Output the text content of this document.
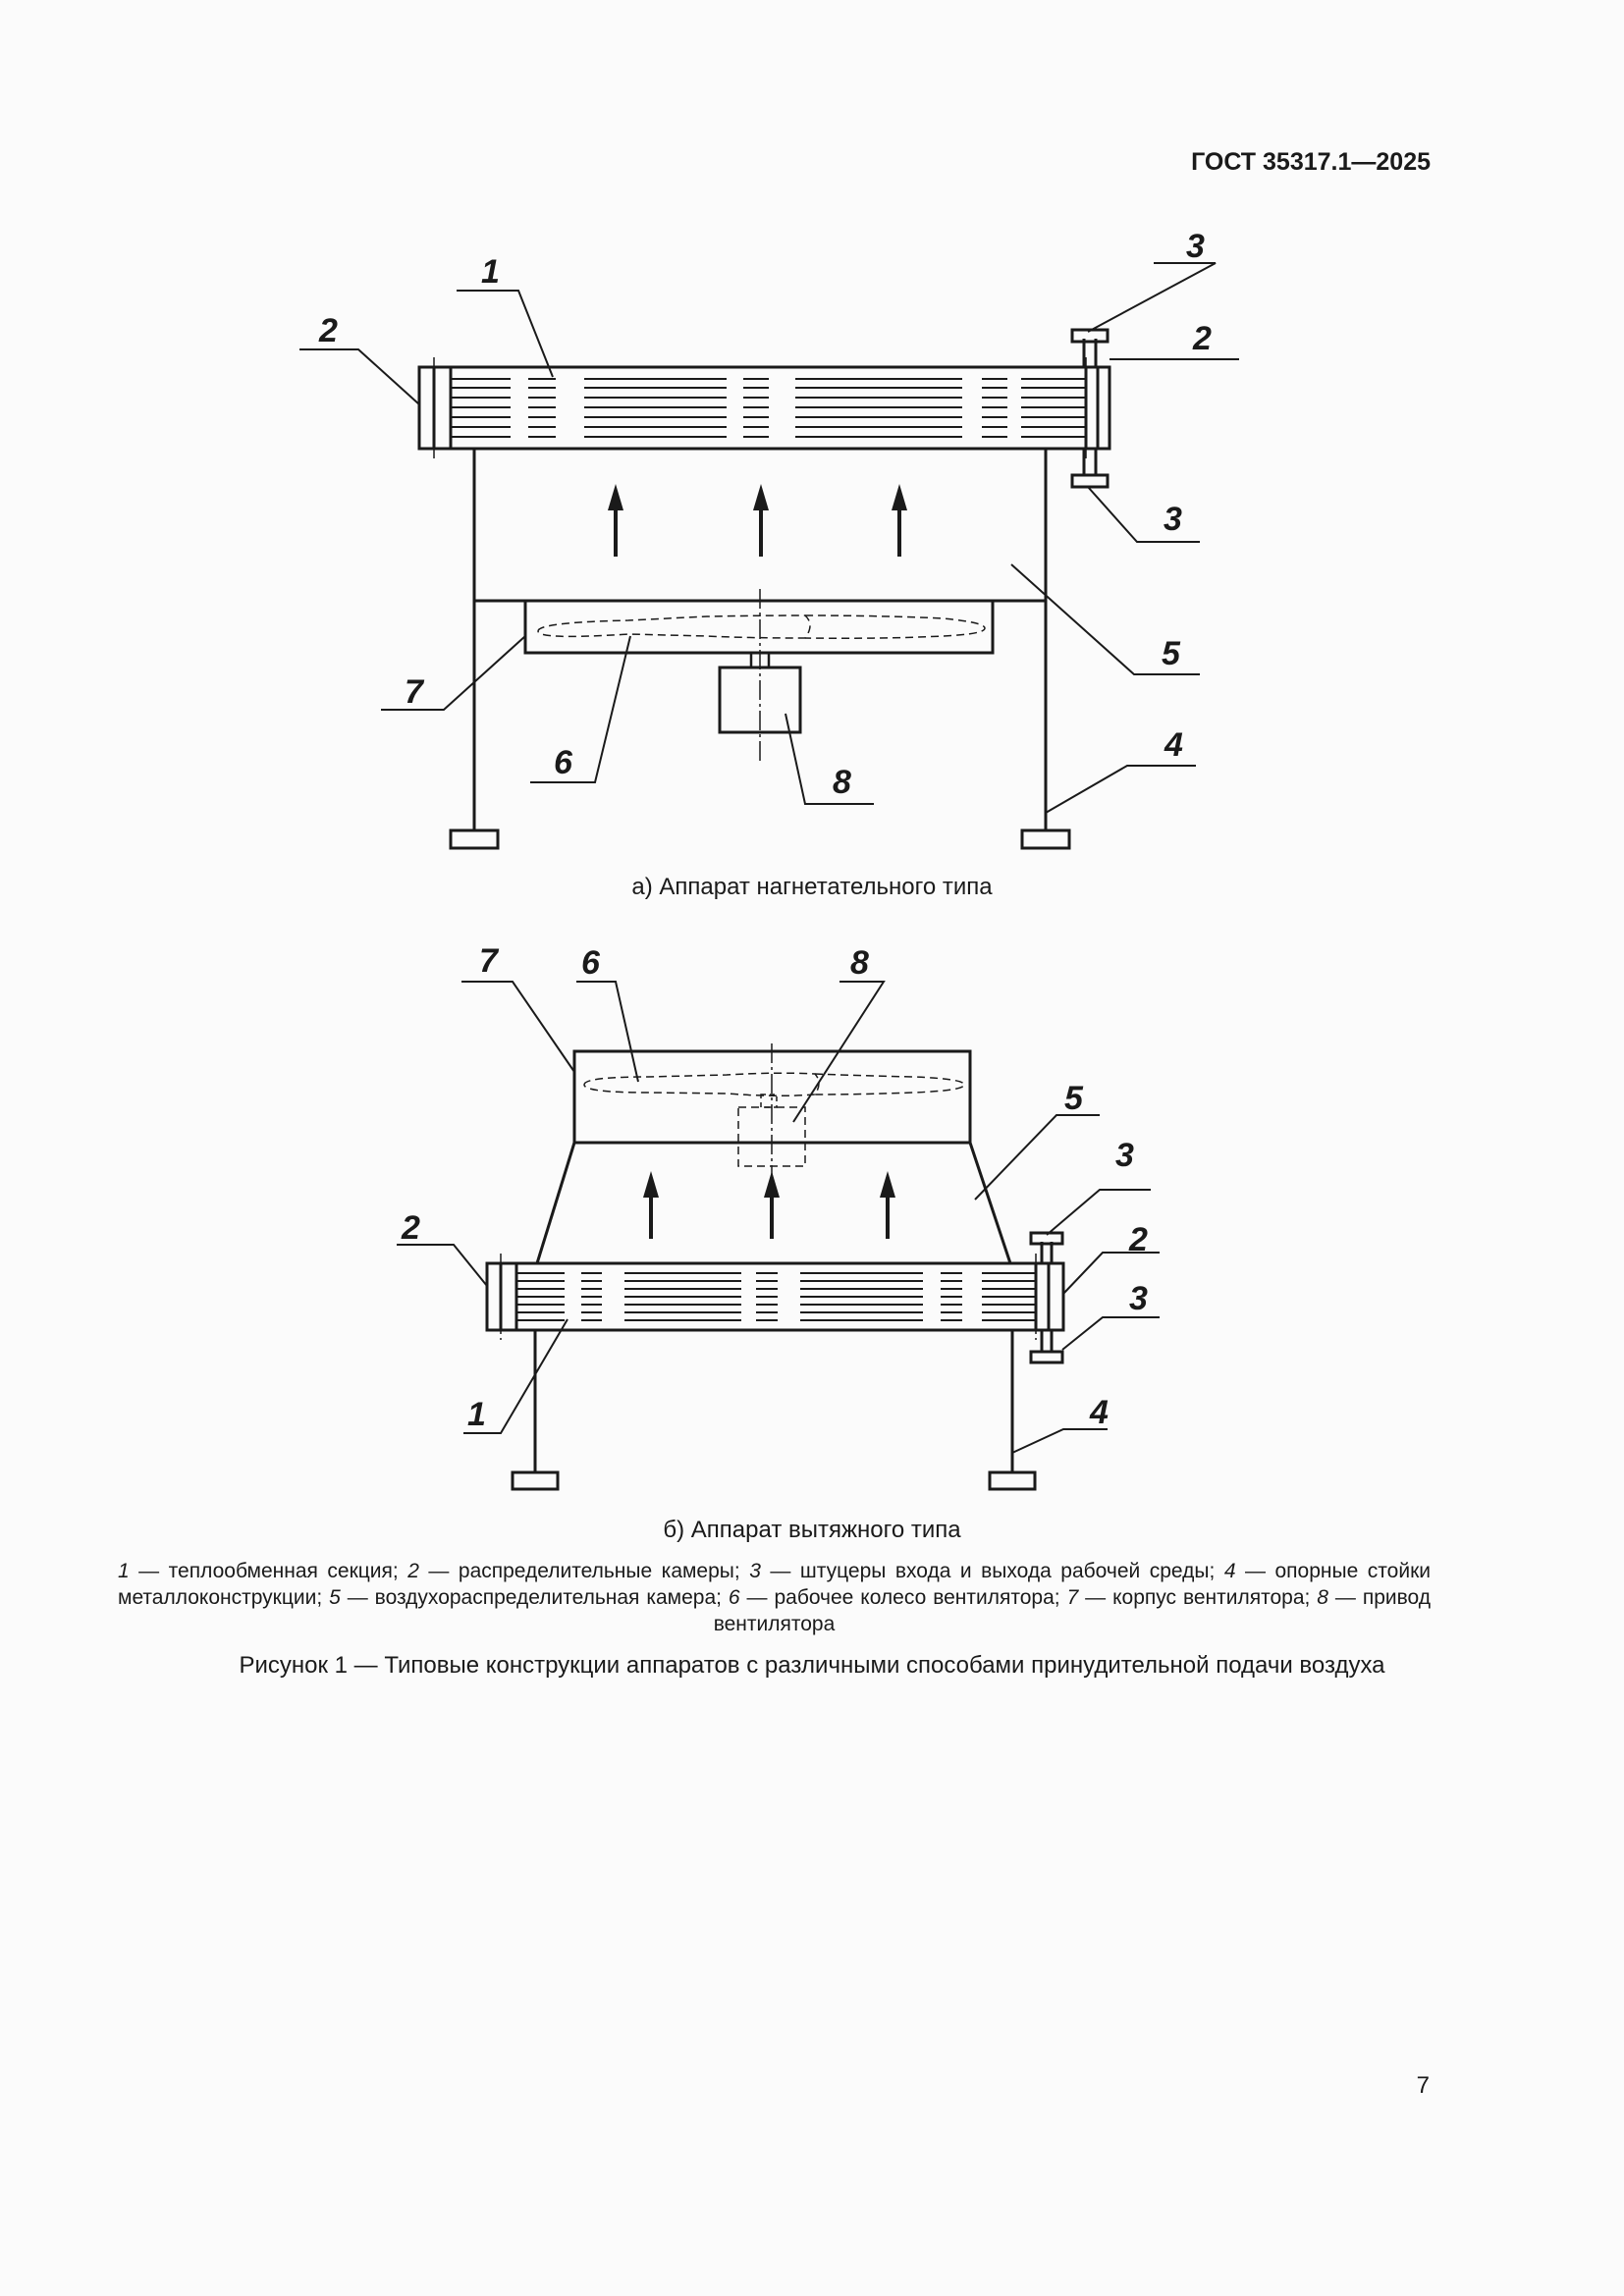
ГОСТ 35317.1—2025
1
2
3
2
3
4
5
7
6
8
а) Аппарат нагнетательного типа
7	6	8
5
3
2	2
3
1	4
б) Аппарат вытяжного типа
1 — теплообменная секция; 2 — распределительные камеры; 3 — штуцеры входа и выхода рабочей среды; 4 — опорные стойки металлоконструкции; 5 — воздухораспределительная камера; 6 — рабочее колесо вентилятора; 7 — корпус вентилятора; 8 — привод вентилятора
Рисунок 1 — Типовые конструкции аппаратов с различными способами принудительной подачи воздуха
7
